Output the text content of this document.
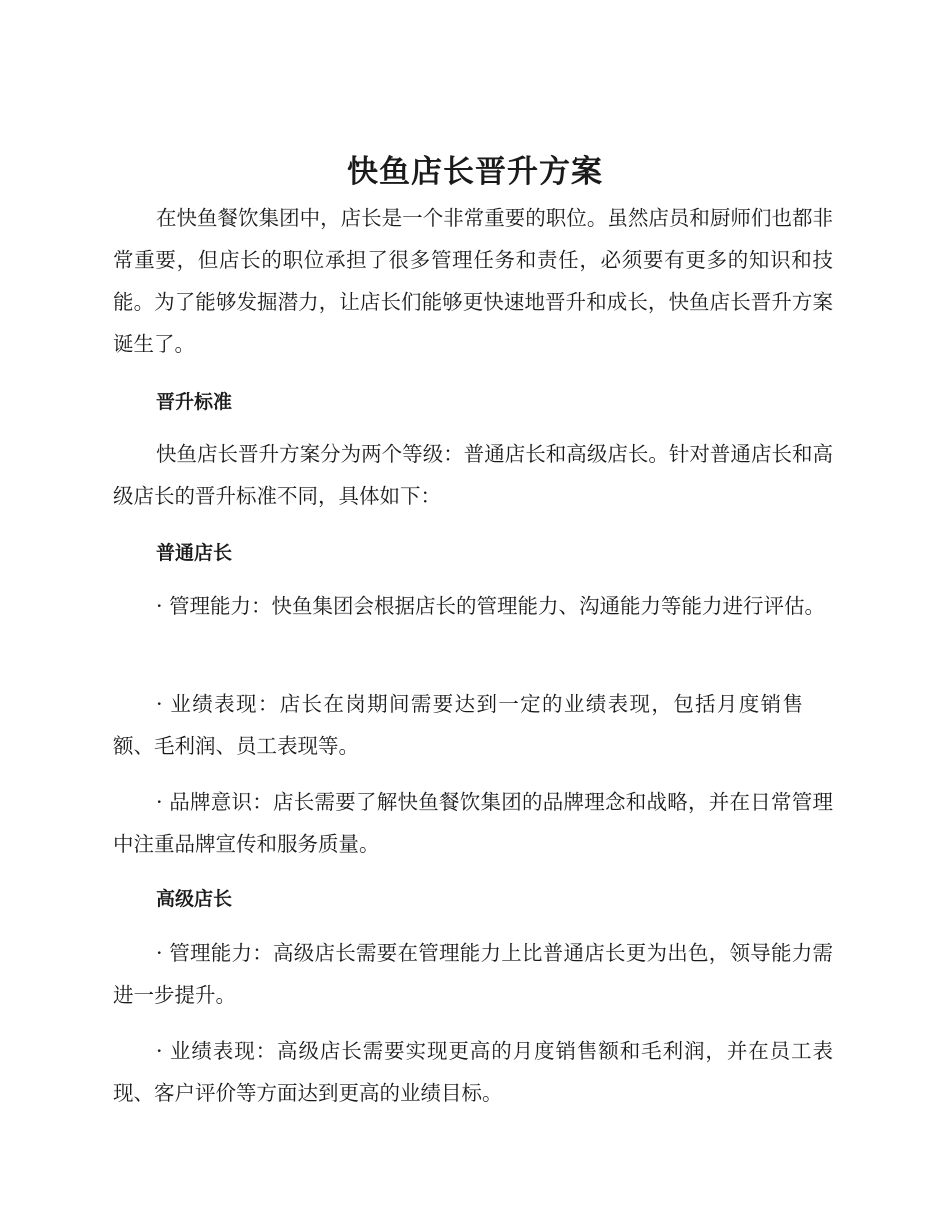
快鱼店长晋升方案

在快鱼餐饮集团中，店长是一个非常重要的职位。虽然店员和厨师们也都非常重要，但店长的职位承担了很多管理任务和责任，必须要有更多的知识和技能。为了能够发掘潜力，让店长们能够更快速地晋升和成长，快鱼店长晋升方案诞生了。

晋升标准

快鱼店长晋升方案分为两个等级：普通店长和高级店长。针对普通店长和高级店长的晋升标准不同，具体如下：

普通店长

· 管理能力：快鱼集团会根据店长的管理能力、沟通能力等能力进行评估。

· 业绩表现：店长在岗期间需要达到一定的业绩表现，包括月度销售额、毛利润、员工表现等。

· 品牌意识：店长需要了解快鱼餐饮集团的品牌理念和战略，并在日常管理中注重品牌宣传和服务质量。

高级店长

· 管理能力：高级店长需要在管理能力上比普通店长更为出色，领导能力需进一步提升。

· 业绩表现：高级店长需要实现更高的月度销售额和毛利润，并在员工表现、客户评价等方面达到更高的业绩目标。
